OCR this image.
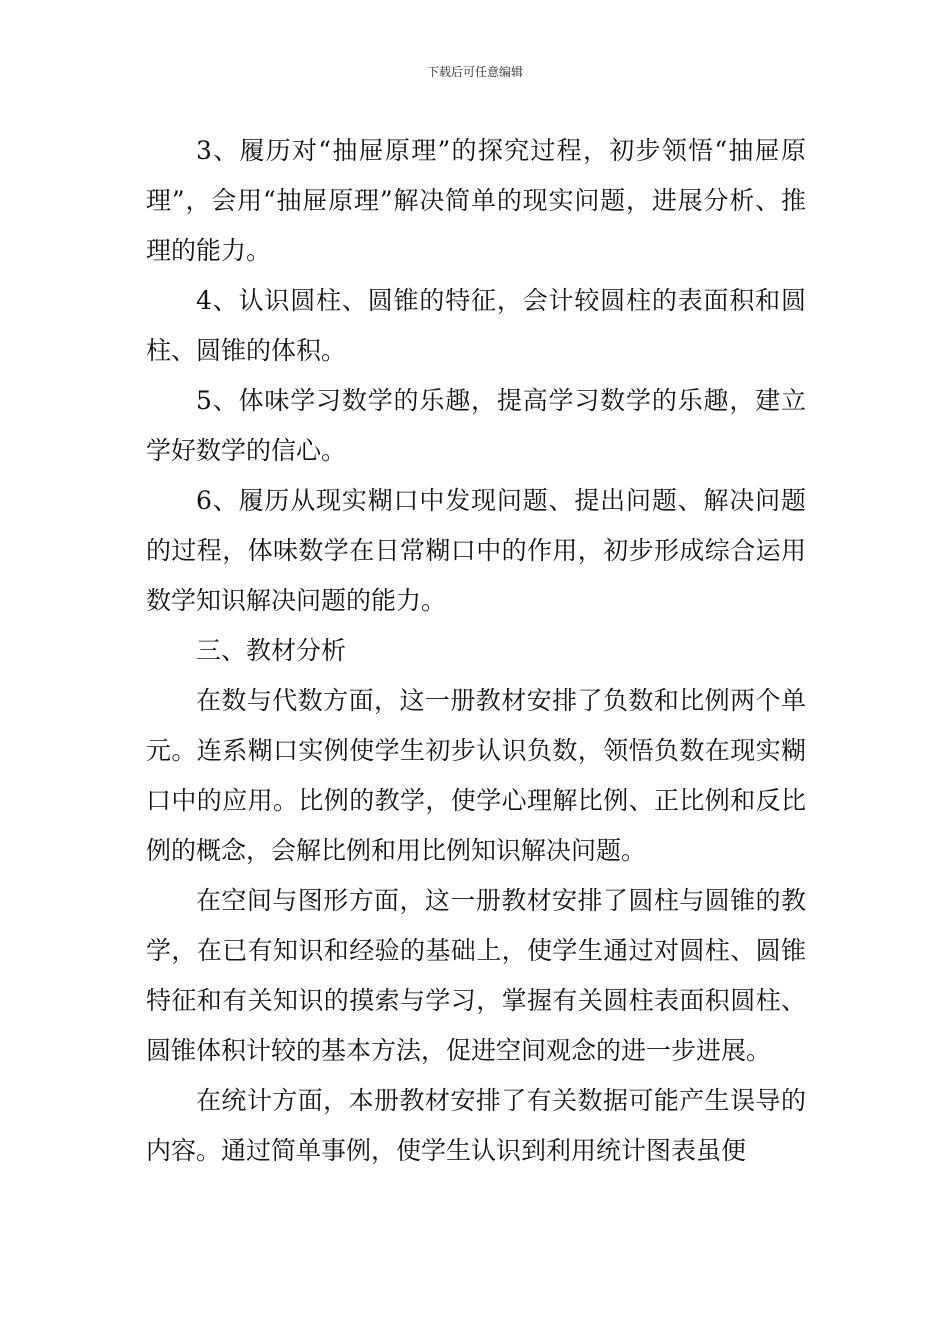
下载后可任意编辑

3、履历对“抽屉原理”的探究过程，初步领悟“抽屉原理”，会用“抽屉原理”解决简单的现实问题，进展分析、推理的能力。

4、认识圆柱、圆锥的特征，会计较圆柱的表面积和圆柱、圆锥的体积。

5、体味学习数学的乐趣，提高学习数学的乐趣，建立学好数学的信心。

6、履历从现实糊口中发现问题、提出问题、解决问题的过程，体味数学在日常糊口中的作用，初步形成综合运用数学知识解决问题的能力。

三、教材分析

在数与代数方面，这一册教材安排了负数和比例两个单元。连系糊口实例使学生初步认识负数，领悟负数在现实糊口中的应用。比例的教学，使学心理解比例、正比例和反比例的概念，会解比例和用比例知识解决问题。

在空间与图形方面，这一册教材安排了圆柱与圆锥的教学，在已有知识和经验的基础上，使学生通过对圆柱、圆锥特征和有关知识的摸索与学习，掌握有关圆柱表面积圆柱、圆锥体积计较的基本方法，促进空间观念的进一步进展。

在统计方面，本册教材安排了有关数据可能产生误导的内容。通过简单事例，使学生认识到利用统计图表虽便
